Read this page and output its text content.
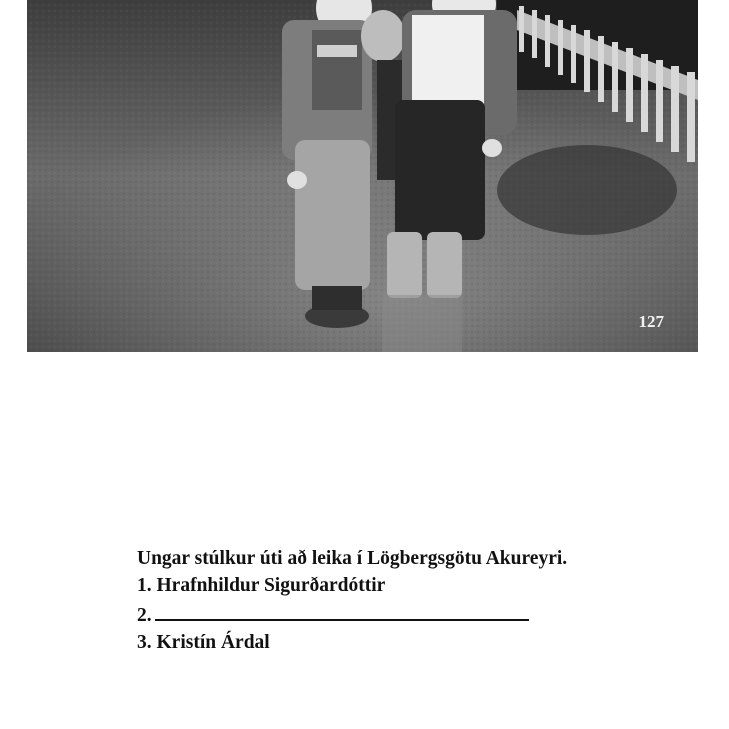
127
Ungar stúlkur úti að leika í Lögbergsgötu Akureyri.
1. Hrafnhildur Sigurðardóttir
2.
3. Kristín Árdal
